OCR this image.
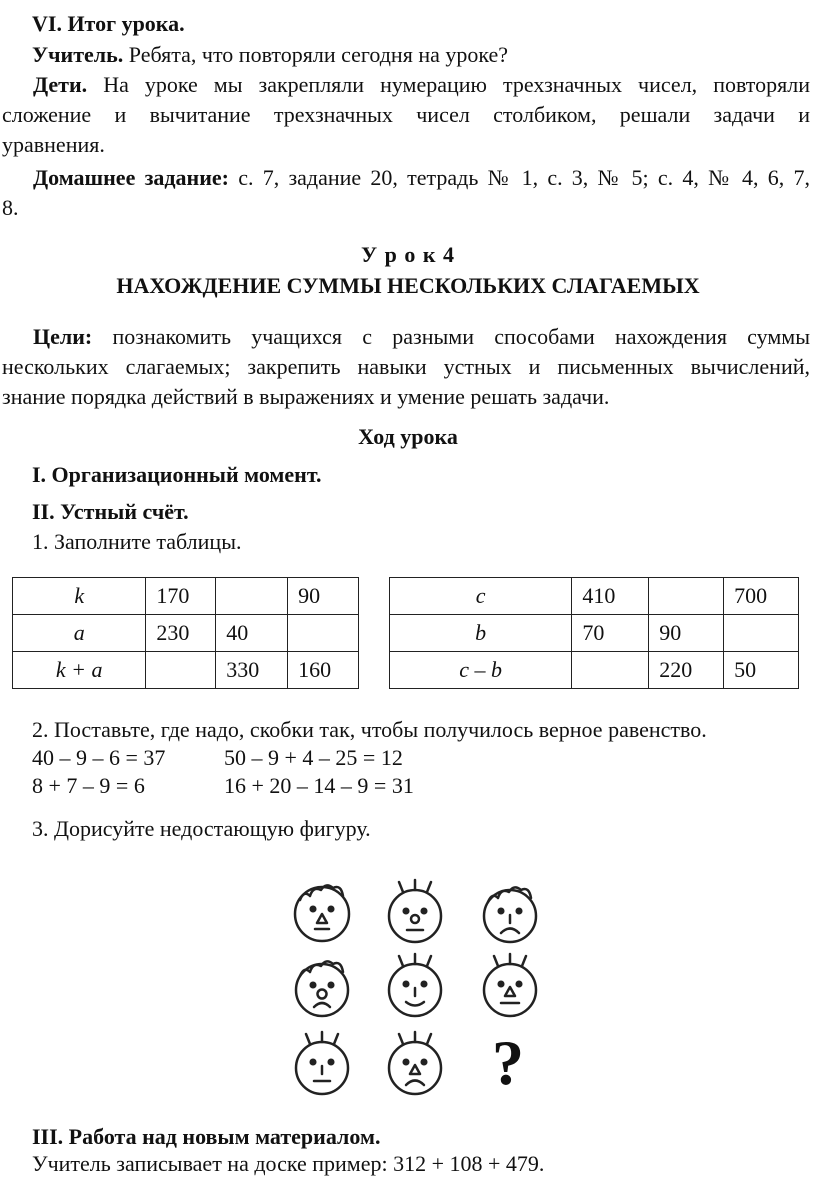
VI. Итог урока.
Учитель. Ребята, что повторяли сегодня на уроке?
Дети. На уроке мы закрепляли нумерацию трехзначных чисел, повторяли
сложение и вычитание трехзначных чисел столбиком, решали задачи и
уравнения.
Домашнее задание: с. 7, задание 20, тетрадь № 1, с. 3, № 5; с. 4, № 4, 6, 7,
8.
У р о к 4
НАХОЖДЕНИЕ СУММЫ НЕСКОЛЬКИХ СЛАГАЕМЫХ
Цели: познакомить учащихся с разными способами нахождения суммы
нескольких слагаемых; закрепить навыки устных и письменных вычислений,
знание порядка действий в выражениях и умение решать задачи.
Ход урока
I. Организационный момент.
II. Устный счёт.
1. Заполните таблицы.
k	170		90
a	230	40	
k + a		330	160
c	410		700
b	70	90	
c – b		220	50
2. Поставьте, где надо, скобки так, чтобы получилось верное равенство.
40 – 9 – 6 = 37	50 – 9 + 4 – 25 = 12
8 + 7 – 9 = 6	16 + 20 – 14 – 9 = 31
3. Дорисуйте недостающую фигуру.
?
III. Работа над новым материалом.
Учитель записывает на доске пример: 312 + 108 + 479.
